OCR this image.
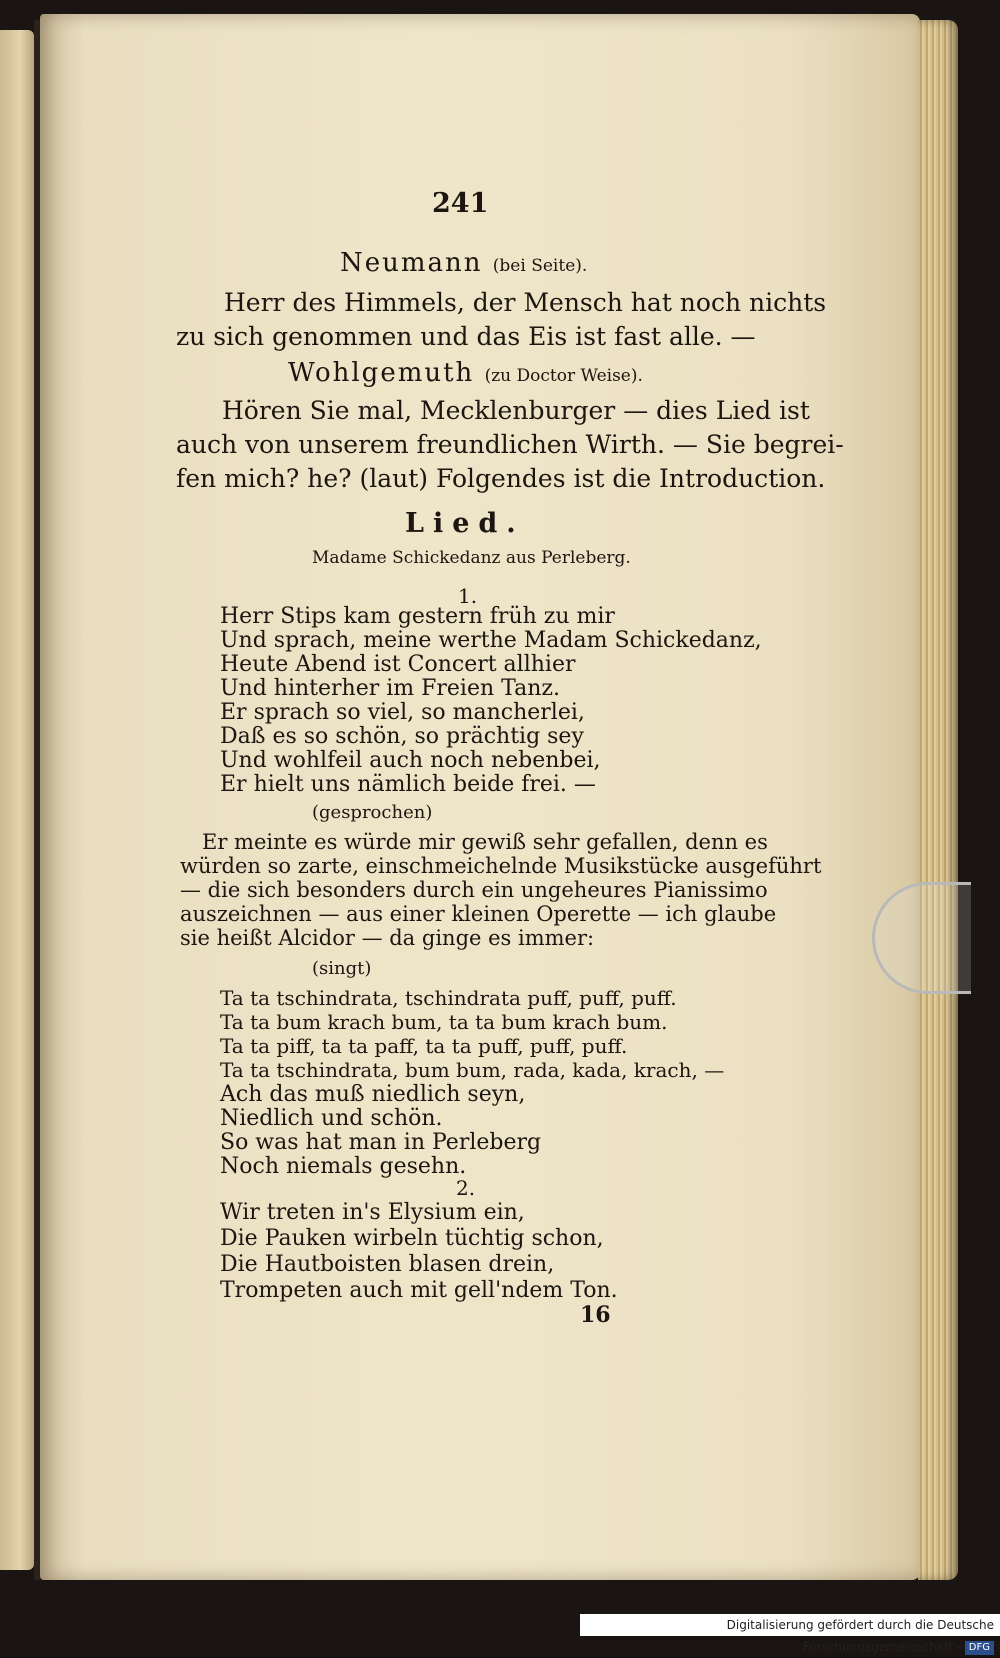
241
Neumann (bei Seite).
Herr des Himmels, der Mensch hat noch nichts
zu sich genommen und das Eis ist fast alle. —
Wohlgemuth (zu Doctor Weise).
Hören Sie mal, Mecklenburger — dies Lied ist
auch von unserem freundlichen Wirth. — Sie begrei-
fen mich? he? (laut) Folgendes ist die Introduction.
Lied.
Madame Schickedanz aus Perleberg.
1.
Herr Stips kam gestern früh zu mir
Und sprach, meine werthe Madam Schickedanz,
Heute Abend ist Concert allhier
Und hinterher im Freien Tanz.
Er sprach so viel, so mancherlei,
Daß es so schön, so prächtig sey
Und wohlfeil auch noch nebenbei,
Er hielt uns nämlich beide frei. —
(gesprochen)
Er meinte es würde mir gewiß sehr gefallen, denn es
würden so zarte, einschmeichelnde Musikstücke ausgeführt
— die sich besonders durch ein ungeheures Pianissimo
auszeichnen — aus einer kleinen Operette — ich glaube
sie heißt Alcidor — da ginge es immer:
(singt)
Ta ta tschindrata, tschindrata puff, puff, puff.
Ta ta bum krach bum, ta ta bum krach bum.
Ta ta piff, ta ta paff, ta ta puff, puff, puff.
Ta ta tschindrata, bum bum, rada, kada, krach, —
Ach das muß niedlich seyn,
Niedlich und schön.
So was hat man in Perleberg
Noch niemals gesehn.
2.
Wir treten in's Elysium ein,
Die Pauken wirbeln tüchtig schon,
Die Hautboisten blasen drein,
Trompeten auch mit gell'ndem Ton.
16
Digitalisierung gefördert durch die Deutsche Forschungsgemeinschaft - DFG
